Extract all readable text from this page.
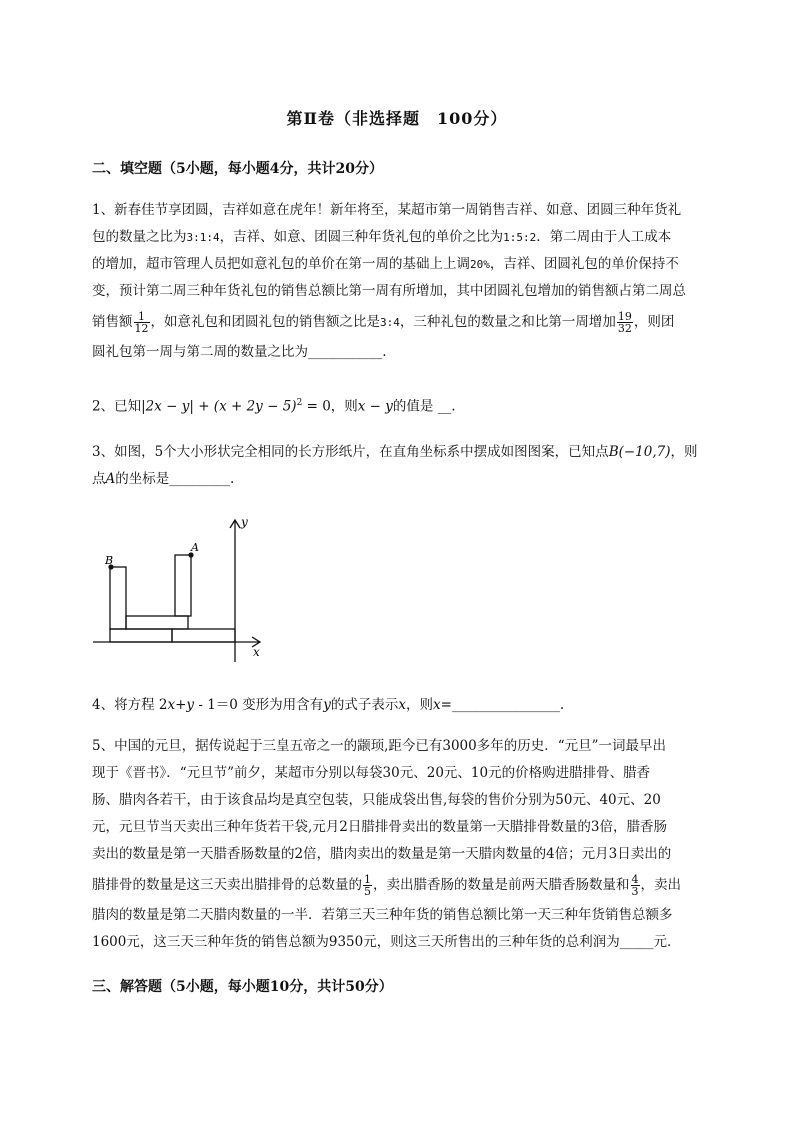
第Ⅱ卷（非选择题　100分）
二、填空题（5小题，每小题4分，共计20分）
1、新春佳节享团圆，吉祥如意在虎年！新年将至，某超市第一周销售吉祥、如意、团圆三种年货礼
包的数量之比为3:1:4，吉祥、如意、团圆三种年货礼包的单价之比为1:5:2．第二周由于人工成本
的增加，超市管理人员把如意礼包的单价在第一周的基础上上调20%，吉祥、团圆礼包的单价保持不
变，预计第二周三种年货礼包的销售总额比第一周有所增加，其中团圆礼包增加的销售额占第二周总
销售额 $\frac{1}{12}$ ，如意礼包和团圆礼包的销售额之比是3:4，三种礼包的数量之和比第一周增加 $\frac{19}{32}$ ，则团
圆礼包第一周与第二周的数量之比为___________.
2、已知$|2x - y| + (x + 2y - 5)^2 = 0$，则x − y的值是 __.
3、如图，5个大小形状完全相同的长方形纸片，在直角坐标系中摆成如图图案，已知点B(−10,7)，则
点A的坐标是_________.
B
A
y
x
4、将方程 2x+y - 1＝0 变形为用含有y的式子表示x，则x=________________.
5、中国的元旦，据传说起于三皇五帝之一的颛顼,距今已有3000多年的历史．“元旦”一词最早出
现于《晋书》．“元旦节”前夕，某超市分别以每袋30元、20元、10元的价格购进腊排骨、腊香
肠、腊肉各若干，由于该食品均是真空包装，只能成袋出售,每袋的售价分别为50元、40元、20
元，元旦节当天卖出三种年货若干袋,元月2日腊排骨卖出的数量第一天腊排骨数量的3倍，腊香肠
卖出的数量是第一天腊香肠数量的2倍，腊肉卖出的数量是第一天腊肉数量的4倍；元月3日卖出的
腊排骨的数量是这三天卖出腊排骨的总数量的 $\frac{1}{5}$ ，卖出腊香肠的数量是前两天腊香肠数量和 $\frac{4}{3}$ ，卖出
腊肉的数量是第二天腊肉数量的一半．若第三天三种年货的销售总额比第一天三种年货销售总额多
1600元，这三天三种年货的销售总额为9350元，则这三天所售出的三种年货的总利润为_____元．
三、解答题（5小题，每小题10分，共计50分）
